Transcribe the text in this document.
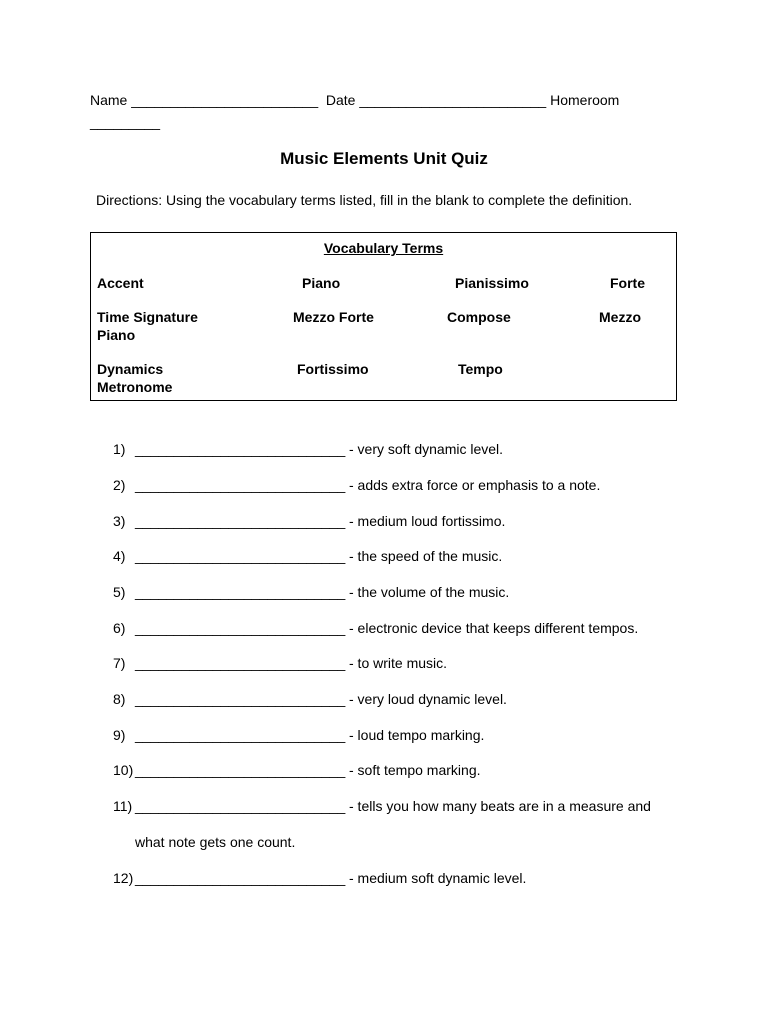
Name ________________________  Date ________________________ Homeroom
_________
Music Elements Unit Quiz
Directions: Using the vocabulary terms listed, fill in the blank to complete the definition.
Vocabulary Terms
Accent	Piano	Pianissimo	Forte
Time Signature	Mezzo Forte	Compose	Mezzo
Piano
Dynamics	Fortissimo	Tempo
Metronome
1) ___________________________ - very soft dynamic level.
2) ___________________________ - adds extra force or emphasis to a note.
3) ___________________________ - medium loud fortissimo.
4) ___________________________ - the speed of the music.
5) ___________________________ - the volume of the music.
6) ___________________________ - electronic device that keeps different tempos.
7) ___________________________ - to write music.
8) ___________________________ - very loud dynamic level.
9) ___________________________ - loud tempo marking.
10) ___________________________ - soft tempo marking.
11) ___________________________ - tells you how many beats are in a measure and
what note gets one count.
12) ___________________________ - medium soft dynamic level.
